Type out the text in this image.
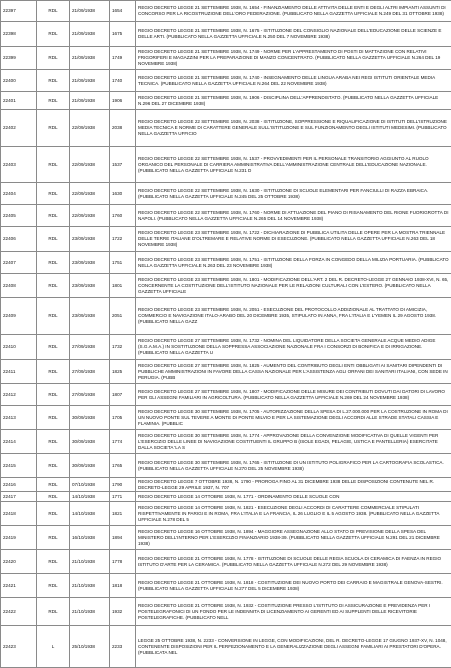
22397	RDL	21/09/1938	1654	REGIO DECRETO LEGGE 21 SETTEMBRE 1938, N. 1654 - FINANZIAMENTO DELLE ATTIVITA DELLE ENTI E DEGLI ALTRI IMPIANTI ASSUNTI DI CONCORSO PER LA RICOSTRUZIONE DELL'ORO FEDERAZIONE. (PUBBLICATO NELLA GAZZETTA UFFICIALE N.249 DEL 31 OTTOBRE 1938)
22398	RDL	21/09/1938	1675	REGIO DECRETO LEGGE 21 SETTEMBRE 1938, N. 1675 - ISTITUZIONE DEL CONSIGLIO NAZIONALE DELL'EDUCAZIONE DELLE SCIENZE E DELLE ARTI. (PUBBLICATO NELLA GAZZETTA UFFICIALE N.250 DEL 7 NOVEMBRE 1938)
22399	RDL	21/09/1938	1749	REGIO DECRETO LEGGE 21 SETTEMBRE 1938, N. 1749 - NORME PER L'APPRESTAMENTO DI POSTI DI MATTAZIONE CON RELATIVI FRIGORIFERI E MAGAZZINI PER LA PREPARAZIONE DI MANZO CONCENTRATO. (PUBBLICATO NELLA GAZZETTA UFFICIALE N.264 DEL 19 NOVEMBRE 1938)
22400	RDL	21/09/1938	1740	REGIO DECRETO LEGGE 21 SETTEMBRE 1938, N. 1740 - INSEGNAMENTO DELLE LINGUA ARABA NEI REGI ISTITUTI ORIENTALE MEDIA TECNICA. (PUBBLICATO NELLA GAZZETTA UFFICIALE N.264 DEL 22 NOVEMBRE 1938)
22401	RDL	21/09/1938	1906	REGIO DECRETO LEGGE 21 SETTEMBRE 1938, N. 1906 - DISCIPLINA DELL'APPRENDISTATO. (PUBBLICATO NELLA GAZZETTA UFFICIALE N.296 DEL 27 DICEMBRE 1938)
22402	RDL	22/09/1938	2038	REGIO DECRETO LEGGE 22 SETTEMBRE 1938, N. 2038 - ISTITUZIONE, SOPPRESSIONE E RIQUALIFICAZIONE DI ISTITUTI DELL'ISTRUZIONE MEDIA TECNICA E NORME DI CARATTERE GENERALE SULL'ISTITUZIONE E SUL FUNZIONAMENTO DEGLI ISTITUTI MEDESIMI. (PUBBLICATO NELLA GAZZETTA UFFICIO
22403	RDL	22/09/1938	1537	REGIO DECRETO LEGGE 22 SETTEMBRE 1938, N. 1537 - PROVVEDIMENTI PER IL PERSONALE TRANSITORIO AGGIUNTO AL RUOLO ORGANICO DEL PERSONALE DI CARRIERA AMMINISTRATIVA DELL'AMMINISTRAZIONE CENTRALE DELL'EDUCAZIONE NAZIONALE. (PUBBLICATO NELLA GAZZETTA UFFICIALE N.231 D
22404	RDL	22/09/1938	1630	REGIO DECRETO LEGGE 22 SETTEMBRE 1938, N. 1630 - ISTITUZIONE DI SCUOLE ELEMENTARI PER FANCIULLI DI RAZZA EBRAICA. (PUBBLICATO NELLA GAZZETTA UFFICIALE N.245 DEL 25 OTTOBRE 1938)
22405	RDL	22/09/1938	1760	REGIO DECRETO LEGGE 22 SETTEMBRE 1938, N. 1760 - NORME DI ATTUAZIONE DEL PIANO DI RISANAMENTO DEL RIONE FUORIGROTTA DI NAPOLI. (PUBBLICATO NELLA GAZZETTA UFFICIALE N.265 DEL 14 NOVEMBRE 1938)
22406	RDL	23/09/1938	1722	REGIO DECRETO LEGGE 23 SETTEMBRE 1938, N. 1722 - DICHIARAZIONE DI PUBBLICA UTILITA DELLE OPERE PER LA MOSTRA TRIENNALE DELLE TERRE ITALIANE D'OLTREMARE E RELATIVE NORME DI ESECUZIONE. (PUBBLICATO NELLA GAZZETTA UFFICIALE N.263 DEL 18 NOVEMBRE 1938)
22407	RDL	23/09/1938	1751	REGIO DECRETO LEGGE 23 SETTEMBRE 1938, N. 1751 - ISTITUZIONE DELLA FORZA IN CONGEDO DELLA MILIZIA PORTUARIA. (PUBBLICATO NELLA GAZZETTA UFFICIALE N.263 DEL 23 NOVEMBRE 1938)
22408	RDL	23/09/1938	1801	REGIO DECRETO LEGGE 23 SETTEMBRE 1938, N. 1801 - MODIFICAZIONE DELL'ART. 2 DEL R. DECRETO-LEGGE 27 GENNAIO 1938-XVI, N. 65, CONCERNENTE LA COSTITUZIONE DELL'ISTITUTO NAZIONALE PER LE RELAZIONI CULTURALI CON L'ESTERO. (PUBBLICATO NELLA GAZZETTA UFFICIALE
22409	RDL	23/09/1938	2051	REGIO DECRETO LEGGE 23 SETTEMBRE 1938, N. 2051 - ESECUZIONE DEL PROTOCOLLO ADDIZIONALE AL TRATTATO DI AMICIZIA, COMMERCIO E NAVIGAZIONE ITALO-ARABO DEL 20 DICEMBRE 1935, STIPULATO IN ANNA, FRA L'ITALIA E L'YEMEN IL 29 AGOSTO 1938. (PUBBLICATO NELLA GAZZ
22410	RDL	27/09/1938	1732	REGIO DECRETO LEGGE 27 SETTEMBRE 1938, N. 1732 - NOMINA DEL LIQUIDATORE DELLA SOCIETA GENERALE ACQUE MEDIO ADIGE (S.G.A.M.A.) IN SOSTITUZIONE DELLA SOPPRESSA ASSOCIAZIONE NAZIONALE FRA I CONSORZI DI BONIFICA E DI IRRIGAZIONE. (PUBBLICATO NELLA GAZZETTA U
22411	RDL	27/09/1938	1825	REGIO DECRETO LEGGE 27 SETTEMBRE 1938, N. 1825 - AUMENTO DEL CONTRIBUTO DEGLI ENTI OBBLIGATI AI SANITARI DIPENDENTI DI PUBBLICHE AMMINISTRAZIONI IN FAVORE DELLA CASSA NAZIONALE PER L'ASSISTENZA AGLI ORFANI DEI SANITARI ITALIANI, CON SEDE IN PERUGIA. (PUBB
22412	RDL	27/09/1938	1807	REGIO DECRETO LEGGE 27 SETTEMBRE 1938, N. 1807 - MODIFICAZIONE DELLE MISURE DEI CONTRIBUTI DOVUTI DAI DATORI DI LAVORO PER GLI ASSEGNI FAMILIARI IN AGRICOLTURA. (PUBBLICATO NELLA GAZZETTA UFFICIALE N.269 DEL 24 NOVEMBRE 1938)
22413	RDL	30/09/1938	1705	REGIO DECRETO LEGGE 30 SETTEMBRE 1938, N. 1705 - AUTORIZZAZIONE DELLA SPESA DI L.27.000.000 PER LA COSTRUZIONE IN ROMA DI UN NUOVO PONTE SUL TEVERE A MONTE DI PONTE MILVIO E PER LA SISTEMAZIONE DEGLI ACCORDI ALLE STRADE STATALI CASSIA E FLAMINIA. (PUBBLIC
22414	RDL	30/09/1938	1774	REGIO DECRETO LEGGE 30 SETTEMBRE 1938, N. 1774 - APPROVAZIONE DELLA CONVENZIONE MODIFICATIVA DI QUELLE VIGENTI PER L'ESERCIZIO DELLE LINEE DI NAVIGAZIONE COSTITUENTI IL GRUPPO B (ISOLE EGADI, PELAGIE, USTICA E PANTELLERIA) ESERCITATE DALLA SOCIETA 'LA S
22415	RDL	30/09/1938	1765	REGIO DECRETO LEGGE 30 SETTEMBRE 1938, N. 1765 - ISTITUZIONE DI UN ISTITUTO POLIGRAFICO PER LA CARTOGRAFIA SCOLASTICA. (PUBBLICATO NELLA GAZZETTA UFFICIALE N.270 DEL 25 NOVEMBRE 1938)
22416	RDL	07/10/1938	1790	REGIO DECRETO LEGGE 7 OTTOBRE 1938, N. 1790 - PROROGA FINO AL 31 DICEMBRE 1938 DELLE DISPOSIZIONI CONTENUTE NEL R. DECRETO-LEGGE 29 APRILE 1937, N. 707
22417	RDL	14/10/1938	1771	REGIO DECRETO LEGGE 14 OTTOBRE 1938, N. 1771 - ORDINAMENTO DELLE SCUOLE CON
22418	RDL	14/10/1938	1821	REGIO DECRETO LEGGE 14 OTTOBRE 1938, N. 1821 - ESECUZIONE DEGLI ACCORDI DI CARATTERE COMMERCIALE STIPULATI RISPETTIVAMENTE IN PARIGI E IN ROMA, FRA L'ITALIA E LA FRANCIA, IL 26 LUGLIO E IL 5 AGOSTO 1938. (PUBBLICATO NELLA GAZZETTA UFFICIALE N.278 DEL 5
22419	RDL	16/10/1938	1894	REGIO DECRETO LEGGE 16 OTTOBRE 1938, N. 1894 - MAGGIORE ASSEGNAZIONE ALLO STATO DI PREVISIONE DELLA SPESA DEL MINISTERO DELL'INTERNO PER L'ESERCIZIO FINANZIARIO 1938-39. (PUBBLICATO NELLA GAZZETTA UFFICIALE N.291 DEL 21 DICEMBRE 1938)
22420	RDL	21/10/1938	1778	REGIO DECRETO LEGGE 21 OTTOBRE 1938, N. 1778 - ISTITUZIONE DI SCUOLE DELLE REGIA SCUOLA DI CERAMICA DI FAENZA IN REGIO ISTITUTO D'ARTE PER LA CERAMICA. (PUBBLICATO NELLA GAZZETTA UFFICIALE N.272 DEL 29 NOVEMBRE 1938)
22421	RDL	21/10/1938	1818	REGIO DECRETO LEGGE 21 OTTOBRE 1938, N. 1818 - COSTITUZIONE DEI NUOVO PORTO DEI CARRAIO E MAGISTRALE GENOVA-SESTRI. (PUBBLICATO NELLA GAZZETTA UFFICIALE N.277 DEL 5 DICEMBRE 1938)
22422	RDL	21/10/1938	1932	REGIO DECRETO LEGGE 21 OTTOBRE 1938, N. 1932 - COSTITUZIONE PRESSO L'ISTITUTO DI ASSICURAZIONE E PREVIDENZA PER I POSTELEGRAFONICI DI UN FONDO PER LE INDENNITA DI LICENZIAMENTO AI GERENTI ED AI SUPPLENTI DELLE RICEVITORIE POSTELEGRAFICHE. (PUBBLICATO NELL
22423	L	25/10/1938	2233	LEGGE 25 OTTOBRE 1938, N. 2233 - CONVERSIONE IN LEGGE, CON MODIFICAZIONI, DEL R. DECRETO-LEGGE 17 GIUGNO 1937-XV, N. 1048, CONTENENTE DISPOSIZIONI PER IL PERFEZIONAMENTO E LA GENERALIZZAZIONE DEGLI ASSEGNI FAMILIARI AI PRESTATORI D'OPERA. (PUBBLICATA NEL
